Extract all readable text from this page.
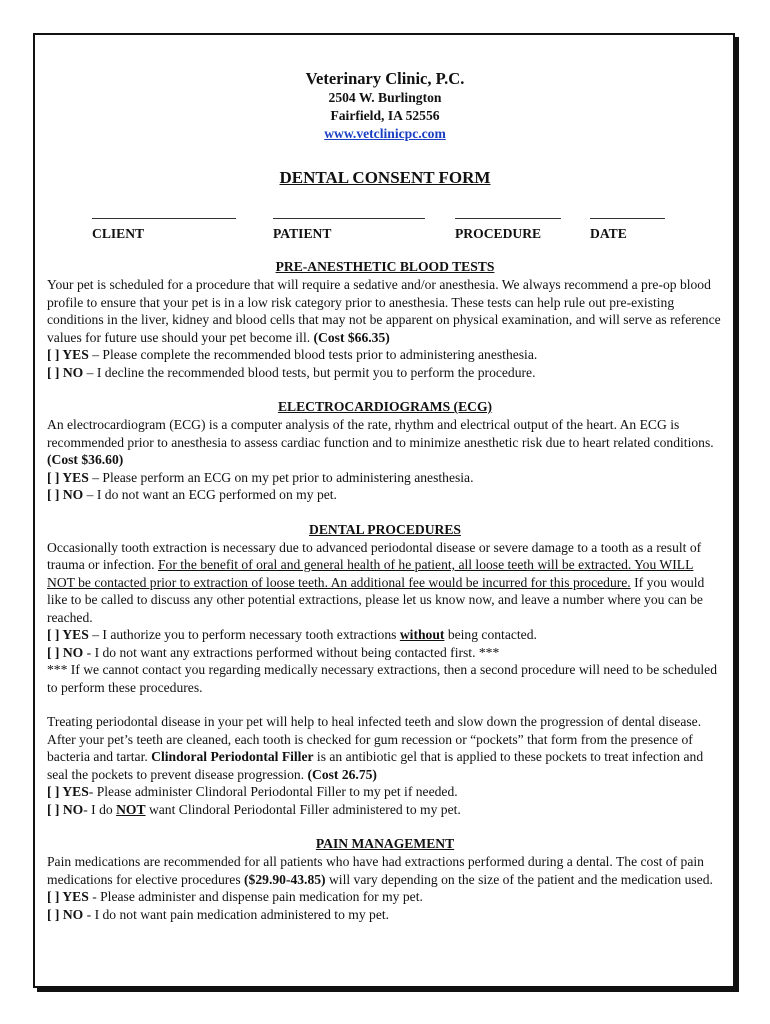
Veterinary Clinic, P.C.
2504 W. Burlington
Fairfield, IA 52556
www.vetclinicpc.com
DENTAL CONSENT FORM
CLIENT	PATIENT	PROCEDURE	DATE
PRE-ANESTHETIC BLOOD TESTS

Your pet is scheduled for a procedure that will require a sedative and/or anesthesia. We always recommend a pre-op blood profile to ensure that your pet is in a low risk category prior to anesthesia. These tests can help rule out pre-existing conditions in the liver, kidney and blood cells that may not be apparent on physical examination, and will serve as reference values for future use should your pet become ill. (Cost $66.35)

[ ] YES – Please complete the recommended blood tests prior to administering anesthesia.

[ ] NO – I decline the recommended blood tests, but permit you to perform the procedure.

ELECTROCARDIOGRAMS (ECG)

An electrocardiogram (ECG) is a computer analysis of the rate, rhythm and electrical output of the heart. An ECG is recommended prior to anesthesia to assess cardiac function and to minimize anesthetic risk due to heart related conditions. (Cost $36.60)

[ ] YES – Please perform an ECG on my pet prior to administering anesthesia.

[ ] NO – I do not want an ECG performed on my pet.

DENTAL PROCEDURES

Occasionally tooth extraction is necessary due to advanced periodontal disease or severe damage to a tooth as a result of trauma or infection. For the benefit of oral and general health of he patient, all loose teeth will be extracted. You WILL NOT be contacted prior to extraction of loose teeth. An additional fee would be incurred for this procedure. If you would like to be called to discuss any other potential extractions, please let us know now, and leave a number where you can be reached.

[ ] YES – I authorize you to perform necessary tooth extractions without being contacted.

[ ] NO - I do not want any extractions performed without being contacted first. ***

*** If we cannot contact you regarding medically necessary extractions, then a second procedure will need to be scheduled to perform these procedures.

Treating periodontal disease in your pet will help to heal infected teeth and slow down the progression of dental disease. After your pet’s teeth are cleaned, each tooth is checked for gum recession or “pockets” that form from the presence of bacteria and tartar. Clindoral Periodontal Filler is an antibiotic gel that is applied to these pockets to treat infection and seal the pockets to prevent disease progression. (Cost 26.75)

[ ] YES- Please administer Clindoral Periodontal Filler to my pet if needed.

[ ] NO- I do NOT want Clindoral Periodontal Filler administered to my pet.

PAIN MANAGEMENT

Pain medications are recommended for all patients who have had extractions performed during a dental. The cost of pain medications for elective procedures ($29.90-43.85) will vary depending on the size of the patient and the medication used.

[ ] YES - Please administer and dispense pain medication for my pet.

[ ] NO - I do not want pain medication administered to my pet.
